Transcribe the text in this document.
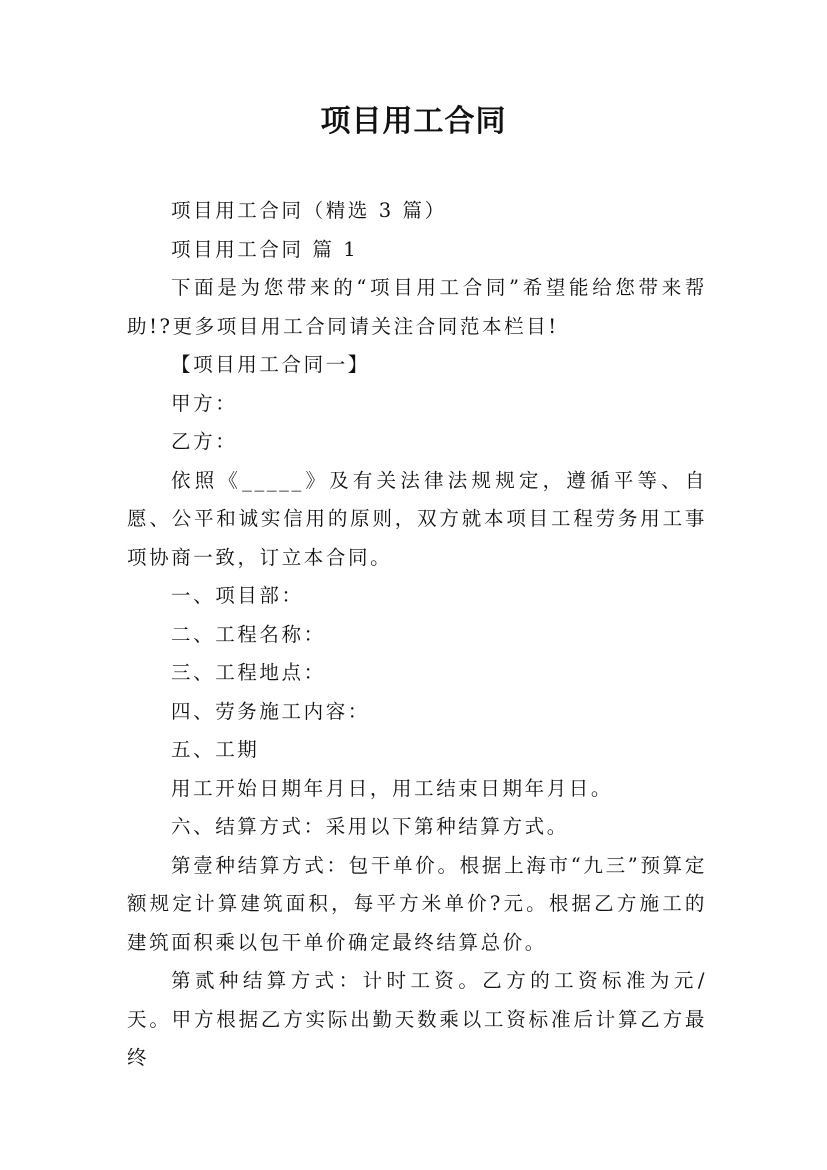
项目用工合同

项目用工合同（精选 3 篇）

项目用工合同 篇 1

下面是为您带来的“项目用工合同”希望能给您带来帮助!?更多项目用工合同请关注合同范本栏目!

【项目用工合同一】

甲方：

乙方：

依照《_____》及有关法律法规规定，遵循平等、自愿、公平和诚实信用的原则，双方就本项目工程劳务用工事项协商一致，订立本合同。

一、项目部：

二、工程名称：

三、工程地点：

四、劳务施工内容：

五、工期

用工开始日期年月日，用工结束日期年月日。

六、结算方式：采用以下第种结算方式。

第壹种结算方式：包干单价。根据上海市“九三”预算定额规定计算建筑面积，每平方米单价?元。根据乙方施工的建筑面积乘以包干单价确定最终结算总价。

第贰种结算方式：计时工资。乙方的工资标准为元/天。甲方根据乙方实际出勤天数乘以工资标准后计算乙方最终
